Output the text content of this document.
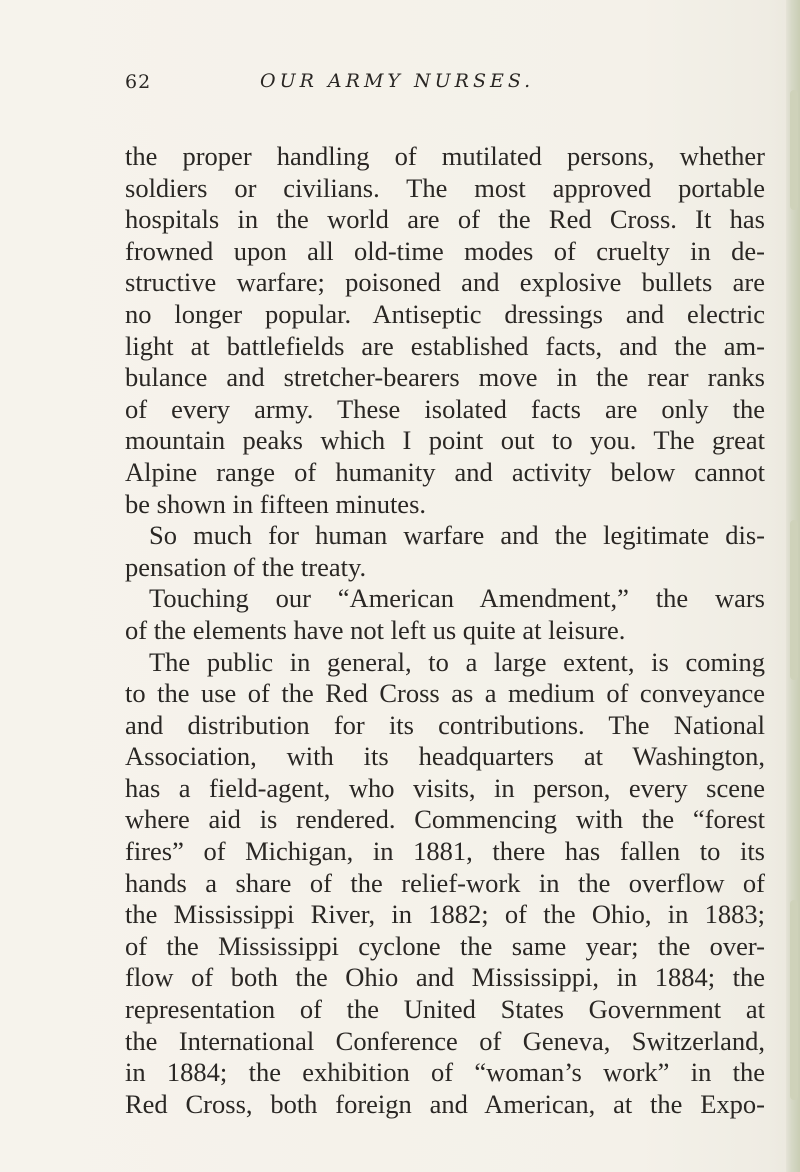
62	OUR ARMY NURSES.
the proper handling of mutilated persons, whether
soldiers or civilians. The most approved portable
hospitals in the world are of the Red Cross. It has
frowned upon all old-time modes of cruelty in de-
structive warfare; poisoned and explosive bullets are
no longer popular. Antiseptic dressings and electric
light at battlefields are established facts, and the am-
bulance and stretcher-bearers move in the rear ranks
of every army. These isolated facts are only the
mountain peaks which I point out to you. The great
Alpine range of humanity and activity below cannot
be shown in fifteen minutes.
So much for human warfare and the legitimate dis-
pensation of the treaty.
Touching our “American Amendment,” the wars
of the elements have not left us quite at leisure.
The public in general, to a large extent, is coming
to the use of the Red Cross as a medium of conveyance
and distribution for its contributions. The National
Association, with its headquarters at Washington,
has a field-agent, who visits, in person, every scene
where aid is rendered. Commencing with the “forest
fires” of Michigan, in 1881, there has fallen to its
hands a share of the relief-work in the overflow of
the Mississippi River, in 1882; of the Ohio, in 1883;
of the Mississippi cyclone the same year; the over-
flow of both the Ohio and Mississippi, in 1884; the
representation of the United States Government at
the International Conference of Geneva, Switzerland,
in 1884; the exhibition of “woman’s work” in the
Red Cross, both foreign and American, at the Expo-
